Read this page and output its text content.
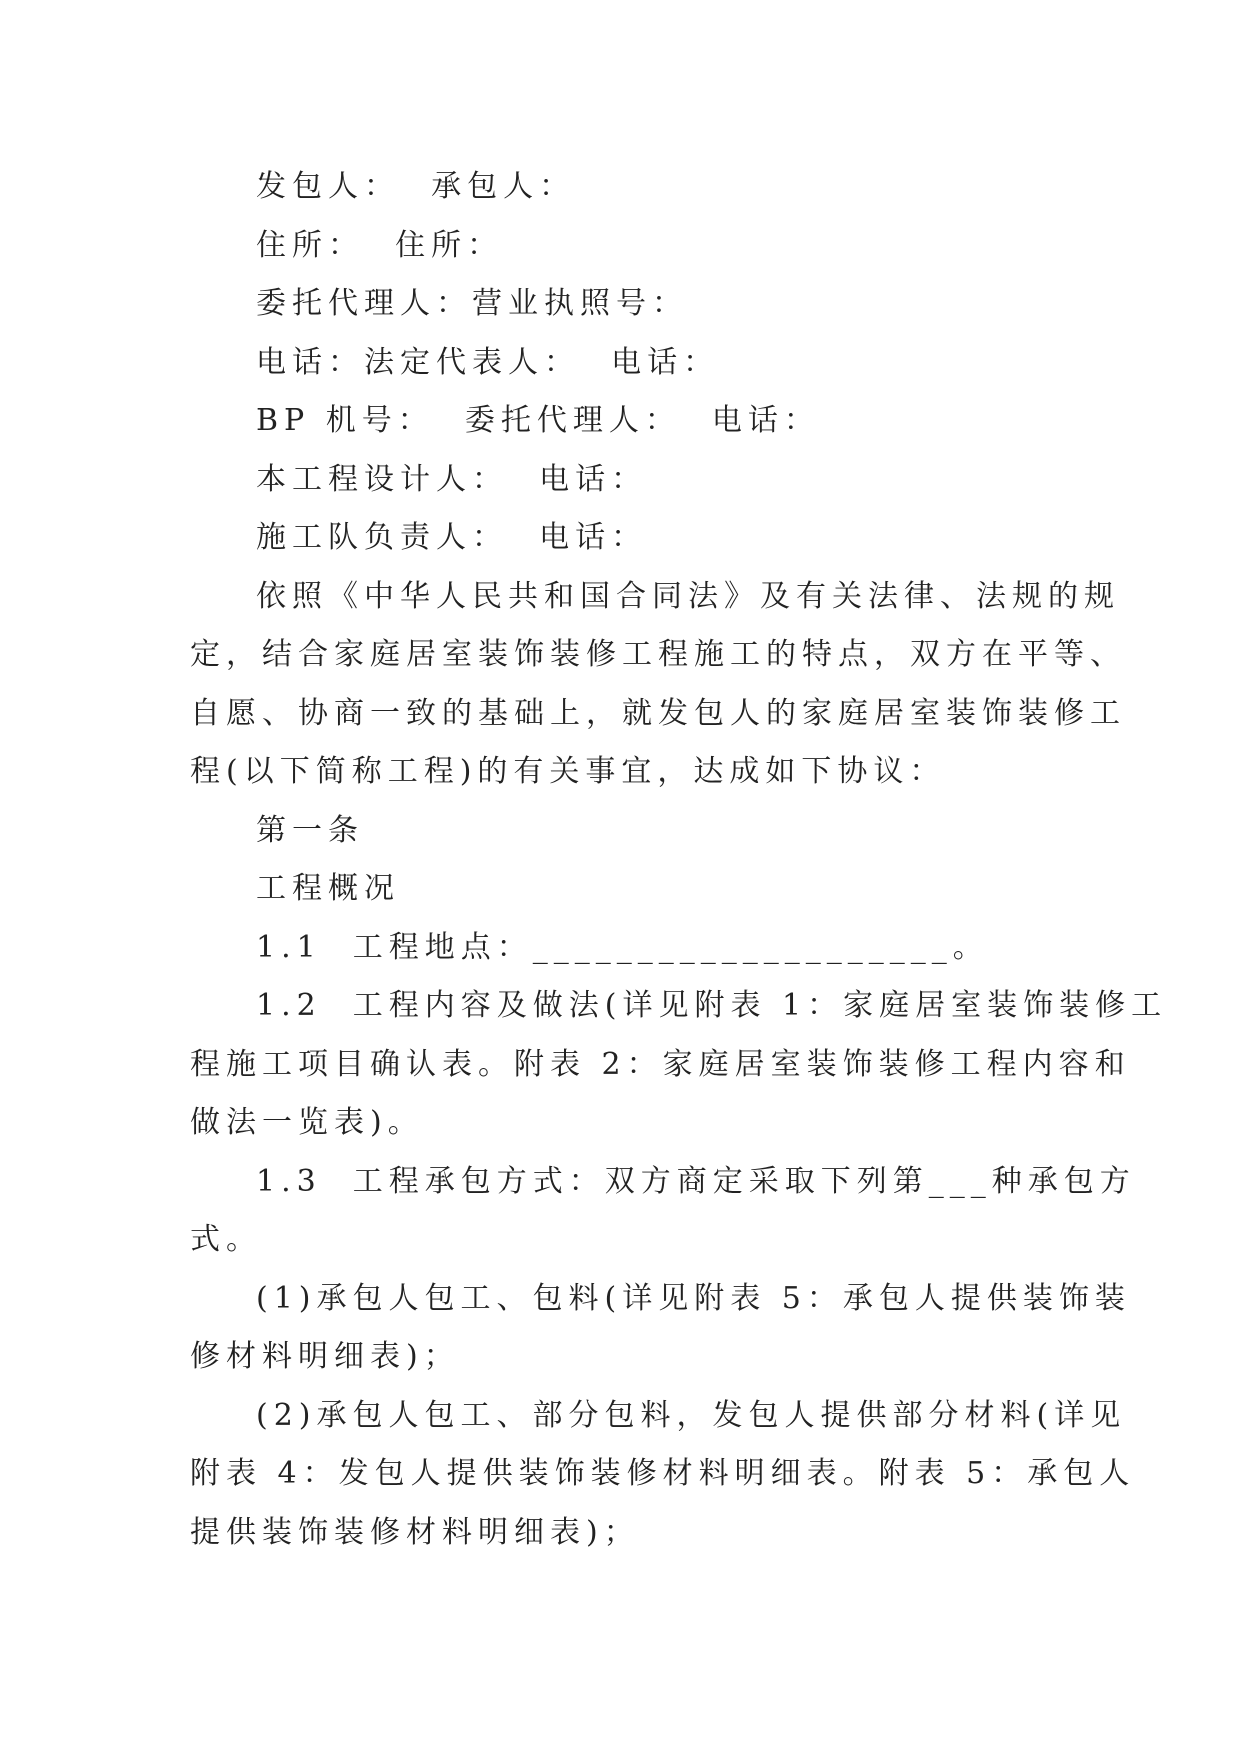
发包人：  承包人：

住所：  住所：

委托代理人：营业执照号：

电话：法定代表人：  电话：

BP 机号：  委托代理人：  电话：

本工程设计人：  电话：

施工队负责人：  电话：

依照《中华人民共和国合同法》及有关法律、法规的规

定，结合家庭居室装饰装修工程施工的特点，双方在平等、

自愿、协商一致的基础上，就发包人的家庭居室装饰装修工

程(以下简称工程)的有关事宜，达成如下协议：

第一条

工程概况

1.1  工程地点：____________________。

1.2  工程内容及做法(详见附表 1：家庭居室装饰装修工

程施工项目确认表。附表 2：家庭居室装饰装修工程内容和

做法一览表)。

1.3  工程承包方式：双方商定采取下列第___种承包方

式。

(1)承包人包工、包料(详见附表 5：承包人提供装饰装

修材料明细表)；

(2)承包人包工、部分包料，发包人提供部分材料(详见

附表 4：发包人提供装饰装修材料明细表。附表 5：承包人

提供装饰装修材料明细表)；
